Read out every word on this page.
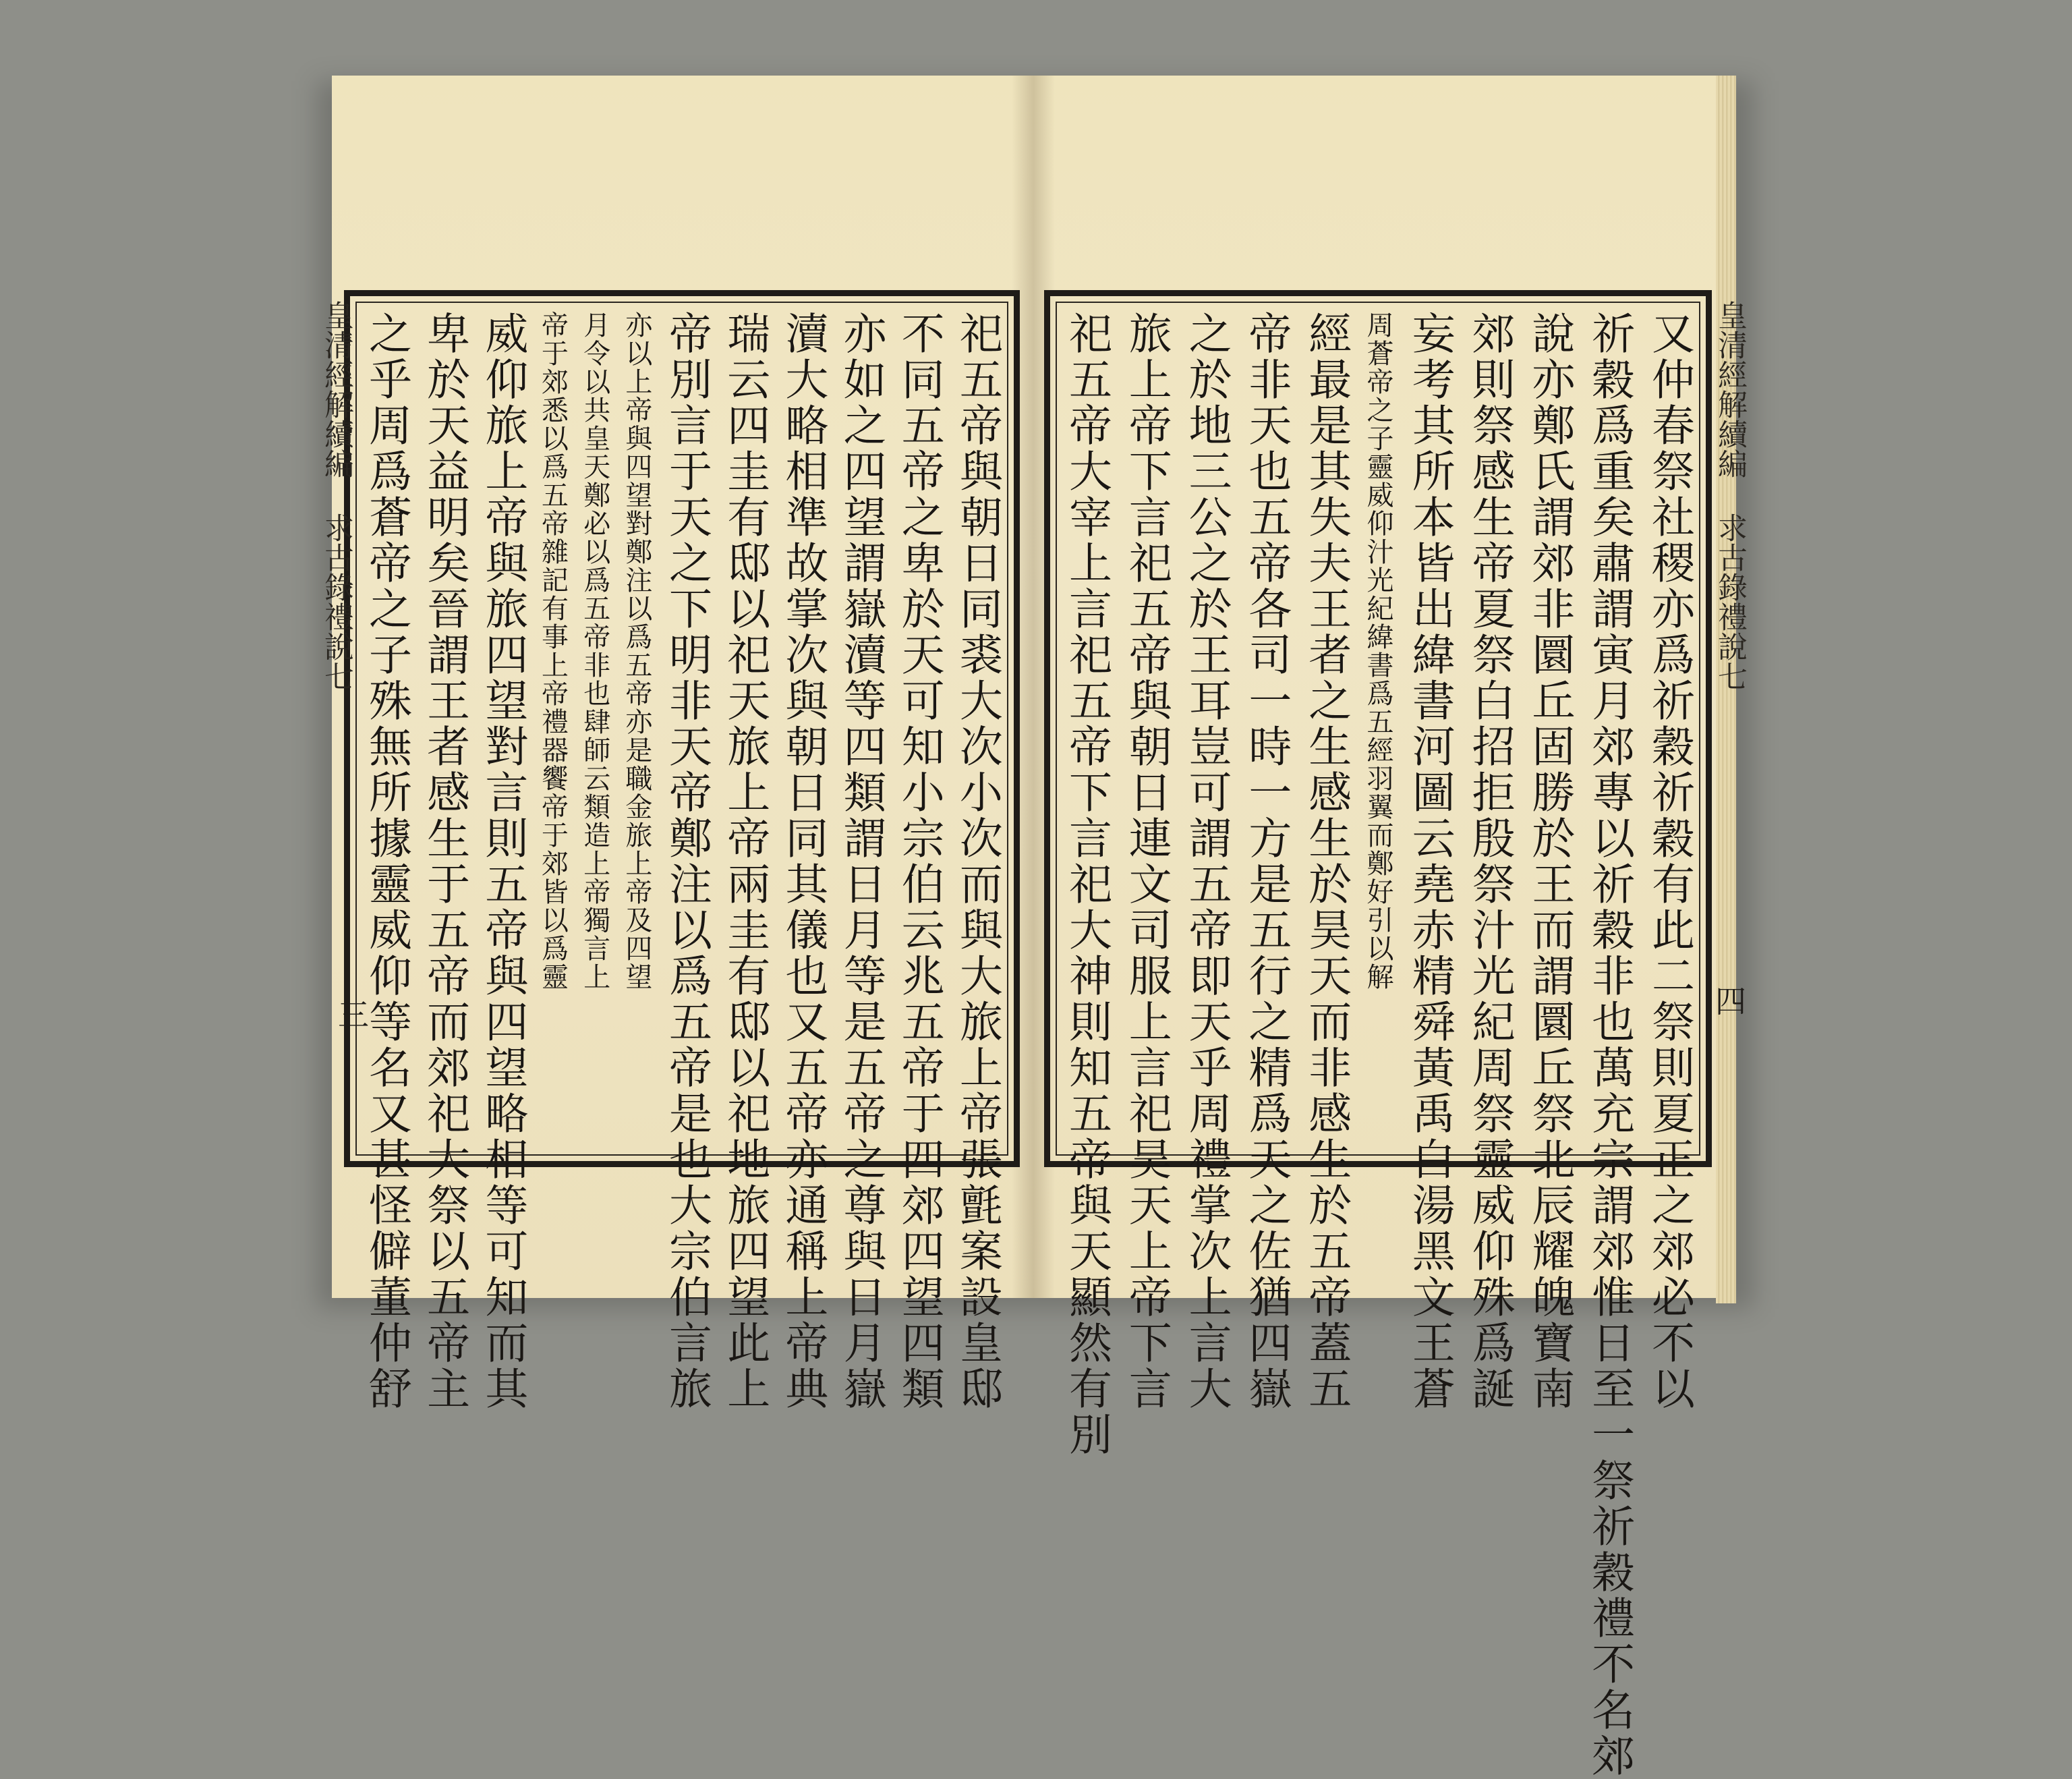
祀五帝與朝日同裘大次小次而與大旅上帝張氈案設皇邸
不同五帝之卑於天可知小宗伯云兆五帝于四郊四望四類
亦如之四望謂嶽瀆等四類謂日月等是五帝之尊與日月嶽
瀆大略相準故掌次與朝日同其儀也又五帝亦通稱上帝典
瑞云四圭有邸以祀天旅上帝兩圭有邸以祀地旅四望此上
帝別言于天之下明非天帝鄭注以爲五帝是也大宗伯言旅
亦以上帝與四望對鄭注以爲五帝亦是職金旅上帝及四望
月令以共皇天鄭必以爲五帝非也肆師云類造上帝獨言上
帝于郊悉以爲五帝雜記有事上帝禮器饗帝于郊皆以爲靈
威仰旅上帝與旅四望對言則五帝與四望略相等可知而其
卑於天益明矣晉謂王者感生于五帝而郊祀大祭以五帝主
之乎周爲蒼帝之子殊無所據靈威仰等名又甚怪僻董仲舒	又仲春祭社稷亦爲祈穀祈穀有此二祭則夏正之郊必不以
祈穀爲重矣肅謂寅月郊專以祈穀非也萬充宗謂郊惟日至一祭祈穀禮不名郊
說亦鄭氏謂郊非圜丘固勝於王而謂圜丘祭北辰耀魄寶南
郊則祭感生帝夏祭白招拒殷祭汁光紀周祭靈威仰殊爲誕
妄考其所本皆出緯書河圖云堯赤精舜黃禹白湯黑文王蒼
周蒼帝之子靈威仰汁光紀緯書爲五經羽翼而鄭好引以解
經最是其失夫王者之生感生於昊天而非感生於五帝蓋五
帝非天也五帝各司一時一方是五行之精爲天之佐猶四嶽
之於地三公之於王耳豈可謂五帝即天乎周禮掌次上言大
旅上帝下言祀五帝與朝日連文司服上言祀昊天上帝下言
祀五帝大宰上言祀五帝下言祀大神則知五帝與天顯然有別
皇清經解續編 求古錄禮說七
皇清經解續編 求古錄禮說七
三	四
